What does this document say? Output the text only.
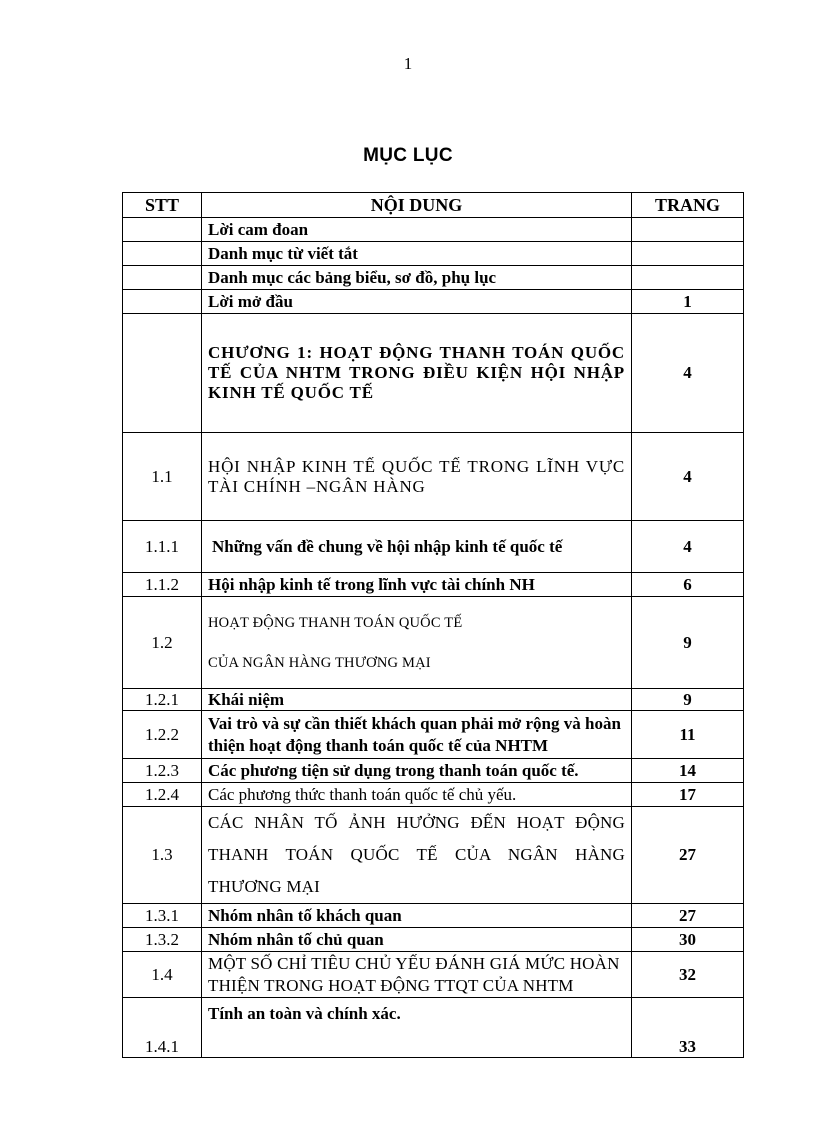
1
MỤC LỤC
STT	NỘI DUNG	TRANG
	Lời cam đoan	
	Danh mục từ viết tắt	
	Danh mục các bảng biểu, sơ đồ, phụ lục	
	Lời mở đầu	1
	CHƯƠNG 1: HOẠT ĐỘNG THANH TOÁN QUỐC TẾ CỦA NHTM TRONG ĐIỀU KIỆN HỘI NHẬP KINH TẾ QUỐC TẾ	4
1.1	HỘI NHẬP KINH TẾ QUỐC TẾ TRONG LĨNH VỰC TÀI CHÍNH –NGÂN HÀNG	4
1.1.1	Những vấn đề chung về hội nhập kinh tế quốc tế	4
1.1.2	Hội nhập kinh tế trong lĩnh vực tài chính NH	6
1.2	HOẠT ĐỘNG THANH TOÁN QUỐC TẾ
CỦA NGÂN HÀNG THƯƠNG MẠI	9
1.2.1	Khái niệm	9
1.2.2	Vai trò và sự cần thiết khách quan phải mở rộng và hoàn thiện hoạt động thanh toán quốc tế của NHTM	11
1.2.3	Các phương tiện sử dụng trong thanh toán quốc tế.	14
1.2.4	Các phương thức thanh toán quốc tế chủ yếu.	17
1.3	CÁC NHÂN TỐ ẢNH HƯỞNG ĐẾN HOẠT ĐỘNG THANH TOÁN QUỐC TẾ CỦA NGÂN HÀNG THƯƠNG MẠI	27
1.3.1	Nhóm nhân tố khách quan	27
1.3.2	Nhóm nhân tố chủ quan	30
1.4	MỘT SỐ CHỈ TIÊU CHỦ YẾU ĐÁNH GIÁ MỨC HOÀN THIỆN TRONG HOẠT ĐỘNG TTQT CỦA NHTM	32
1.4.1	Tính an toàn và chính xác.	33
